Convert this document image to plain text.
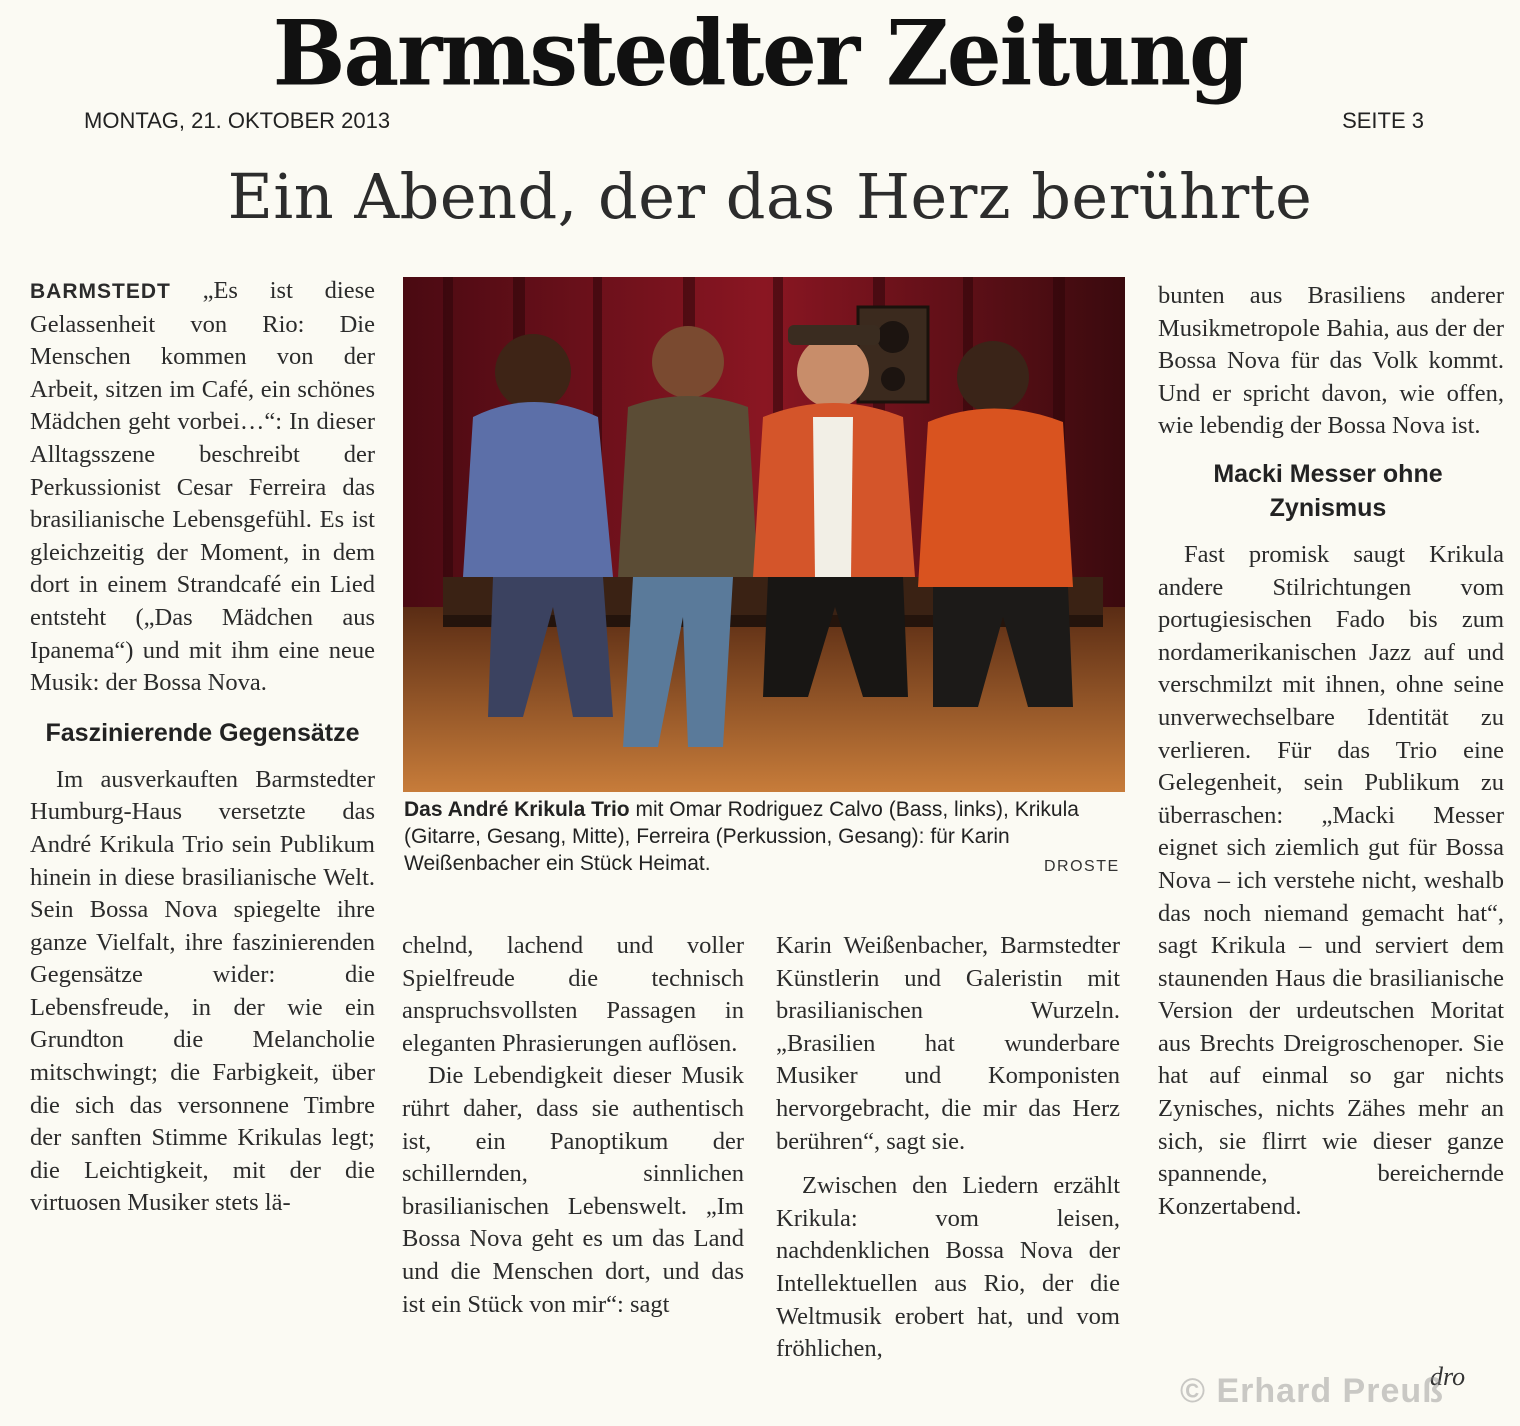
Barmstedter Zeitung
MONTAG, 21. OKTOBER 2013	SEITE 3
Ein Abend, der das Herz berührte

BARMSTEDT „Es ist diese Gelassenheit von Rio: Die Menschen kommen von der Arbeit, sitzen im Café, ein schönes Mädchen geht vorbei…“: In dieser Alltagsszene beschreibt der Perkussionist Cesar Ferreira das brasilianische Lebensgefühl. Es ist gleichzeitig der Moment, in dem dort in einem Strandcafé ein Lied entsteht („Das Mädchen aus Ipanema“) und mit ihm eine neue Musik: der Bossa Nova.

Faszinierende Gegensätze

Im ausverkauften Barmstedter Humburg-Haus versetzte das André Krikula Trio sein Publikum hinein in diese brasilianische Welt. Sein Bossa Nova spiegelte ihre ganze Vielfalt, ihre faszinierenden Gegensätze wider: die Lebensfreude, in der wie ein Grundton die Melancholie mitschwingt; die Farbigkeit, über die sich das versonnene Timbre der sanften Stimme Krikulas legt; die Leichtigkeit, mit der die virtuosen Musiker stets lä-

Das André Krikula Trio mit Omar Rodriguez Calvo (Bass, links), Krikula (Gitarre, Gesang, Mitte), Ferreira (Perkussion, Gesang): für Karin Weißenbacher ein Stück Heimat.	DROSTE

chelnd, lachend und voller Spielfreude die technisch anspruchsvollsten Passagen in eleganten Phrasierungen auflösen.

Die Lebendigkeit dieser Musik rührt daher, dass sie authentisch ist, ein Panoptikum der schillernden, sinnlichen brasilianischen Lebenswelt. „Im Bossa Nova geht es um das Land und die Menschen dort, und das ist ein Stück von mir“: sagt

Karin Weißenbacher, Barmstedter Künstlerin und Galeristin mit brasilianischen Wurzeln. „Brasilien hat wunderbare Musiker und Komponisten hervorgebracht, die mir das Herz berühren“, sagt sie.

Zwischen den Liedern erzählt Krikula: vom leisen, nachdenklichen Bossa Nova der Intellektuellen aus Rio, der die Weltmusik erobert hat, und vom fröhlichen,

bunten aus Brasiliens anderer Musikmetropole Bahia, aus der der Bossa Nova für das Volk kommt. Und er spricht davon, wie offen, wie lebendig der Bossa Nova ist.

Macki Messer ohne Zynismus

Fast promisk saugt Krikula andere Stilrichtungen vom portugiesischen Fado bis zum nordamerikanischen Jazz auf und verschmilzt mit ihnen, ohne seine unverwechselbare Identität zu verlieren. Für das Trio eine Gelegenheit, sein Publikum zu überraschen: „Macki Messer eignet sich ziemlich gut für Bossa Nova – ich verstehe nicht, weshalb das noch niemand gemacht hat“, sagt Krikula – und serviert dem staunenden Haus die brasilianische Version der urdeutschen Moritat aus Brechts Dreigroschenoper. Sie hat auf einmal so gar nichts Zynisches, nichts Zähes mehr an sich, sie flirrt wie dieser ganze spannende, bereichernde Konzertabend.

dro
© Erhard Preuß
